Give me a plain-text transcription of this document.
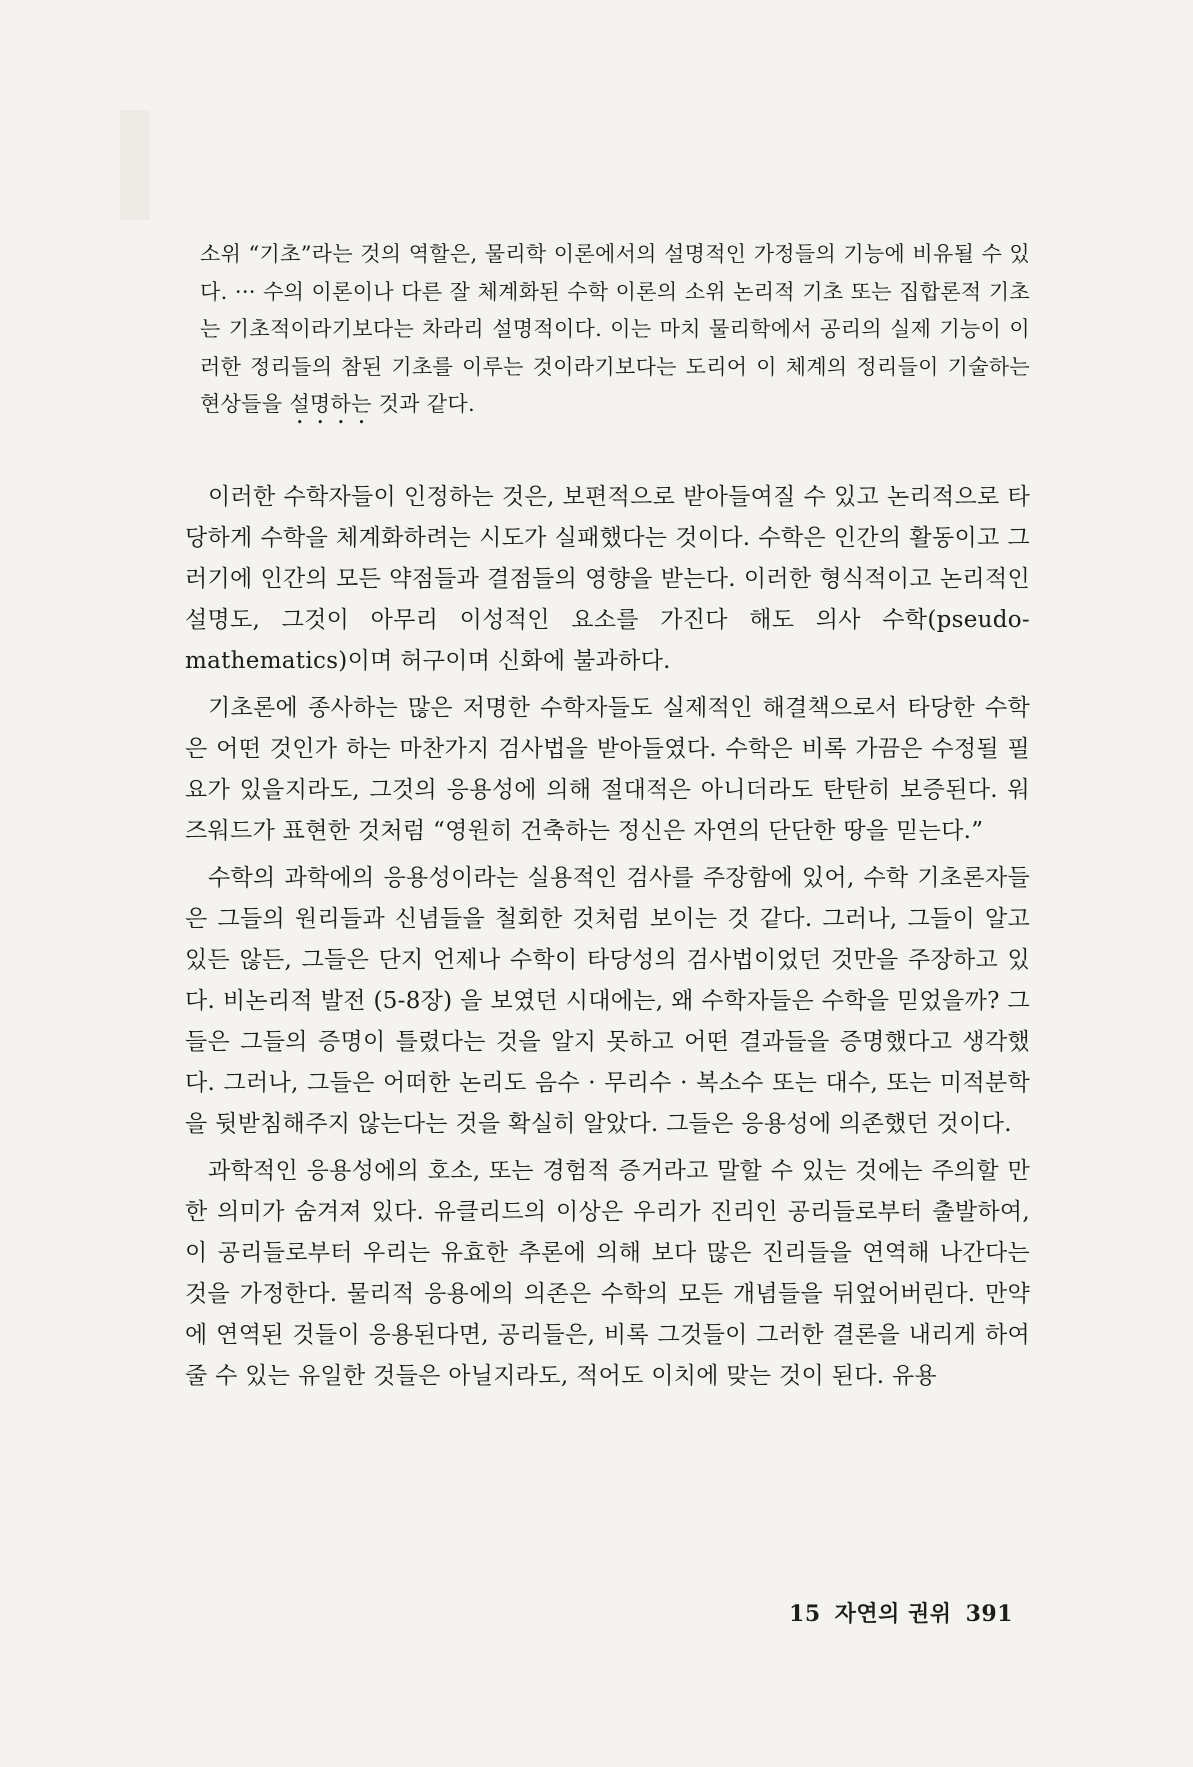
소위 “기초”라는 것의 역할은, 물리학 이론에서의 설명적인 가정들의 기능에 비유될 수 있다. ··· 수의 이론이나 다른 잘 체계화된 수학 이론의 소위 논리적 기초 또는 집합론적 기초는 기초적이라기보다는 차라리 설명적이다. 이는 마치 물리학에서 공리의 실제 기능이 이러한 정리들의 참된 기초를 이루는 것이라기보다는 도리어 이 체계의 정리들이 기술하는 현상들을 설명하는 것과 같다.

이러한 수학자들이 인정하는 것은, 보편적으로 받아들여질 수 있고 논리적으로 타당하게 수학을 체계화하려는 시도가 실패했다는 것이다. 수학은 인간의 활동이고 그러기에 인간의 모든 약점들과 결점들의 영향을 받는다. 이러한 형식적이고 논리적인 설명도, 그것이 아무리 이성적인 요소를 가진다 해도 의사 수학(pseudo-mathematics)이며 허구이며 신화에 불과하다.

기초론에 종사하는 많은 저명한 수학자들도 실제적인 해결책으로서 타당한 수학은 어떤 것인가 하는 마찬가지 검사법을 받아들였다. 수학은 비록 가끔은 수정될 필요가 있을지라도, 그것의 응용성에 의해 절대적은 아니더라도 탄탄히 보증된다. 워즈워드가 표현한 것처럼 “영원히 건축하는 정신은 자연의 단단한 땅을 믿는다.”

수학의 과학에의 응용성이라는 실용적인 검사를 주장함에 있어, 수학 기초론자들은 그들의 원리들과 신념들을 철회한 것처럼 보이는 것 같다. 그러나, 그들이 알고 있든 않든, 그들은 단지 언제나 수학이 타당성의 검사법이었던 것만을 주장하고 있다. 비논리적 발전 (5-8장) 을 보였던 시대에는, 왜 수학자들은 수학을 믿었을까? 그들은 그들의 증명이 틀렸다는 것을 알지 못하고 어떤 결과들을 증명했다고 생각했다. 그러나, 그들은 어떠한 논리도 음수 · 무리수 · 복소수 또는 대수, 또는 미적분학을 뒷받침해주지 않는다는 것을 확실히 알았다. 그들은 응용성에 의존했던 것이다.

과학적인 응용성에의 호소, 또는 경험적 증거라고 말할 수 있는 것에는 주의할 만한 의미가 숨겨져 있다. 유클리드의 이상은 우리가 진리인 공리들로부터 출발하여, 이 공리들로부터 우리는 유효한 추론에 의해 보다 많은 진리들을 연역해 나간다는 것을 가정한다. 물리적 응용에의 의존은 수학의 모든 개념들을 뒤엎어버린다. 만약에 연역된 것들이 응용된다면, 공리들은, 비록 그것들이 그러한 결론을 내리게 하여줄 수 있는 유일한 것들은 아닐지라도, 적어도 이치에 맞는 것이 된다. 유용

15 자연의 권위 391
